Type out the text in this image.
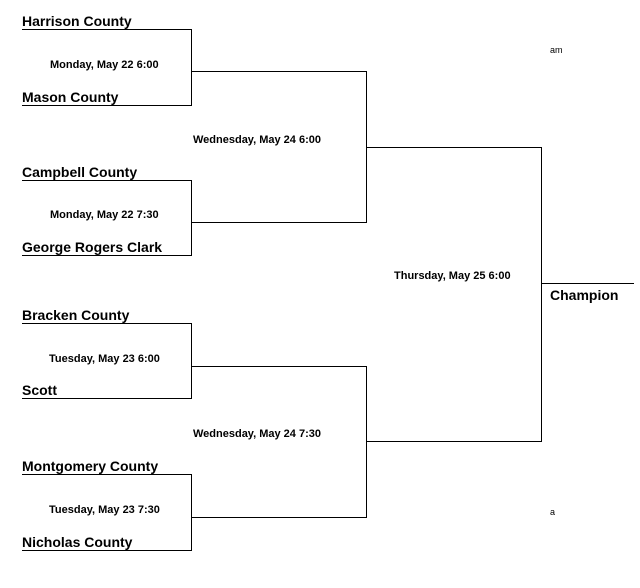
Harrison County
Mason County
Campbell County
George Rogers Clark
Bracken County
Scott
Montgomery County
Nicholas County
Monday, May 22 6:00
Monday, May 22 7:30
Tuesday, May 23 6:00
Tuesday, May 23 7:30
Wednesday, May 24 6:00
Wednesday, May 24 7:30
Thursday, May 25 6:00
Champion
am
a
